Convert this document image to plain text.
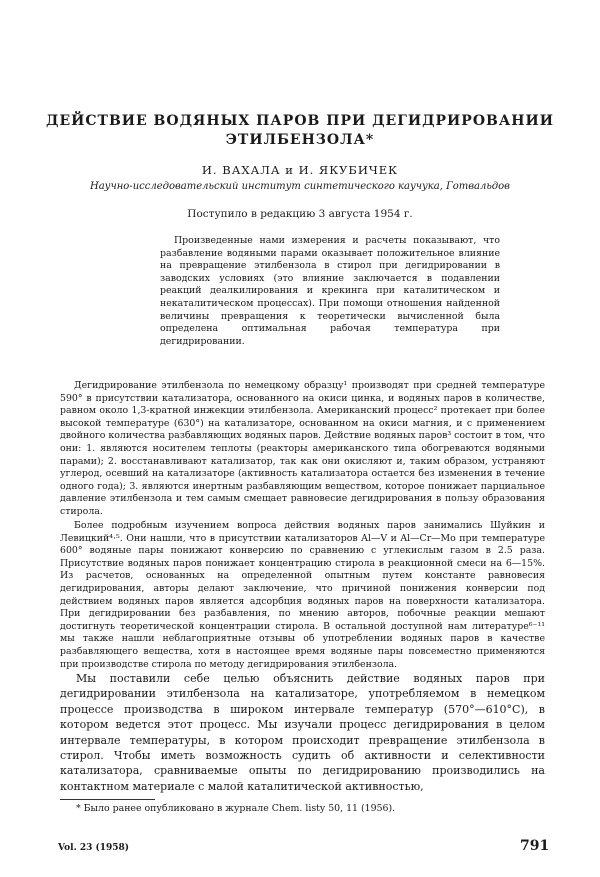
ДЕЙСТВИЕ ВОДЯНЫХ ПАРОВ ПРИ ДЕГИДРИРОВАНИИ
ЭТИЛБЕНЗОЛА*
И. ВАХАЛА и И. ЯКУБИЧЕК
Научно-исследовательский институт синтетического каучука, Готвальдов
Поступило в редакцию 3 августа 1954 г.

Произведенные нами измерения и расчеты показывают, что разбавление водяными парами оказывает положительное влияние на превращение этилбензола в стирол при дегидрировании в заводских условиях (это влияние заключается в подавлении реакций деалкилирования и крекинга при каталитическом и некаталитическом процессах). При помощи отношения найденной величины превращения к теоретически вычисленной была определена оптимальная рабочая температура при дегидрировании.

Дегидрирование этилбензола по немецкому образцу¹ производят при средней температуре 590° в присутствии катализатора, основанного на окиси цинка, и водяных паров в количестве, равном около 1,3-кратной инжекции этилбензола. Американский процесс² протекает при более высокой температуре (630°) на катализаторе, основанном на окиси магния, и с применением двойного количества разбавляющих водяных паров. Действие водяных паров³ состоит в том, что они: 1. являются носителем теплоты (реакторы американского типа обогреваются водяными парами); 2. восстанавливают катализатор, так как они окисляют и, таким образом, устраняют углерод, осевший на катализаторе (активность катализатора остается без изменения в течение одного года); 3. являются инертным разбавляющим веществом, которое понижает парциальное давление этилбензола и тем самым смещает равновесие дегидрирования в пользу образования стирола.

Более подробным изучением вопроса действия водяных паров занимались Шуйкин и Левицкий⁴·⁵. Они нашли, что в присутствии катализаторов Al—V и Al—Cr—Mo при температуре 600° водяные пары понижают конверсию по сравнению с углекислым газом в 2.5 раза. Присутствие водяных паров понижает концентрацию стирола в реакционной смеси на 6—15%. Из расчетов, основанных на определенной опытным путем константе равновесия дегидрирования, авторы делают заключение, что причиной понижения конверсии под действием водяных паров является адсорбция водяных паров на поверхности катализатора. При дегидрировании без разбавления, по мнению авторов, побочные реакции мешают достигнуть теоретической концентрации стирола. В остальной доступной нам литературе⁶⁻¹¹ мы также нашли неблагоприятные отзывы об употреблении водяных паров в качестве разбавляющего вещества, хотя в настоящее время водяные пары повсеместно применяются при производстве стирола по методу дегидрирования этилбензола.

Мы поставили себе целью объяснить действие водяных паров при дегидрировании этилбензола на катализаторе, употребляемом в немецком процессе производства в широком интервале температур (570°—610°C), в котором ведется этот процесс. Мы изучали процесс дегидрирования в целом интервале температуры, в котором происходит превращение этилбензола в стирол. Чтобы иметь возможность судить об активности и селективности катализатора, сравниваемые опыты по дегидрированию производились на контактном материале с малой каталитической активностью,

* Было ранее опубликовано в журнале Chem. listy 50, 11 (1956).
Vol. 23 (1958)	791
